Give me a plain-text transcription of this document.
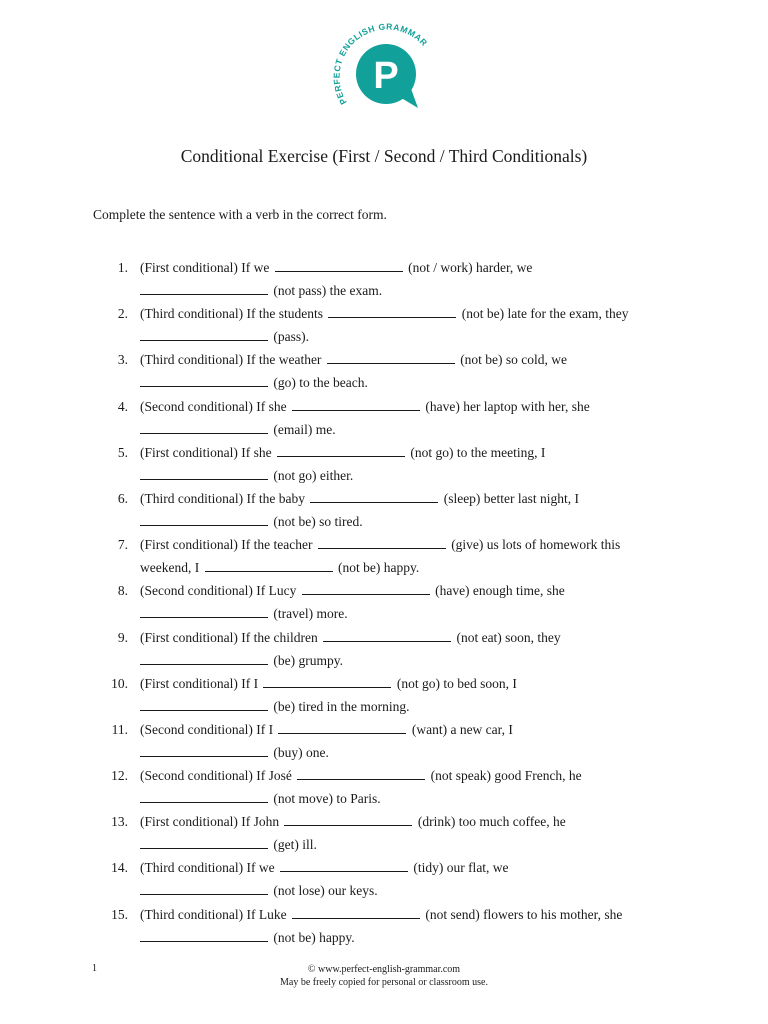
PERFECT ENGLISH GRAMMAR
P
Conditional Exercise (First / Second / Third Conditionals)
Complete the sentence with a verb in the correct form.
1. (First conditional) If we	(not / work) harder, we
(not pass) the exam.
2. (Third conditional) If the students	(not be) late for the exam, they
(pass).
3. (Third conditional) If the weather	(not be) so cold, we
(go) to the beach.
4. (Second conditional) If she	(have) her laptop with her, she
(email) me.
5. (First conditional) If she	(not go) to the meeting, I
(not go) either.
6. (Third conditional) If the baby	(sleep) better last night, I
(not be) so tired.
7. (First conditional) If the teacher	(give) us lots of homework this
weekend, I	(not be) happy.
8. (Second conditional) If Lucy	(have) enough time, she
(travel) more.
9. (First conditional) If the children	(not eat) soon, they
(be) grumpy.
10. (First conditional) If I	(not go) to bed soon, I
(be) tired in the morning.
11. (Second conditional) If I	(want) a new car, I
(buy) one.
12. (Second conditional) If José	(not speak) good French, he
(not move) to Paris.
13. (First conditional) If John	(drink) too much coffee, he
(get) ill.
14. (Third conditional) If we	(tidy) our flat, we
(not lose) our keys.
15. (Third conditional) If Luke	(not send) flowers to his mother, she
(not be) happy.
1	© www.perfect-english-grammar.com
May be freely copied for personal or classroom use.
